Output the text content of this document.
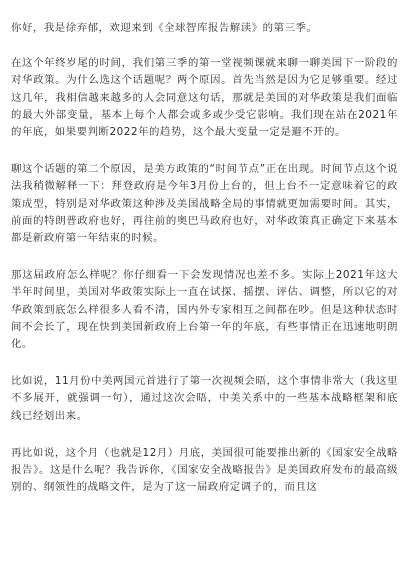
你好，我是徐弃郁，欢迎来到《全球智库报告解读》的第三季。

在这个年终岁尾的时间，我们第三季的第一堂视频课就来聊一聊美国下一阶段的对华政策。为什么选这个话题呢？两个原因。首先当然是因为它足够重要。经过这几年，我相信越来越多的人会同意这句话，那就是美国的对华政策是我们面临的最大外部变量，基本上每个人都会或多或少受它影响。我们现在站在2021年的年底，如果要判断2022年的趋势，这个最大变量一定是避不开的。

聊这个话题的第二个原因，是美方政策的“时间节点”正在出现。时间节点这个说法我稍微解释一下：拜登政府是今年3月份上台的，但上台不一定意味着它的政策成型，特别是对华政策这种涉及美国战略全局的事情就更加需要时间。其实，前面的特朗普政府也好，再往前的奥巴马政府也好，对华政策真正确定下来基本都是新政府第一年结束的时候。

那这届政府怎么样呢？你仔细看一下会发现情况也差不多。实际上2021年这大半年时间里，美国对华政策实际上一直在试探、摇摆、评估、调整，所以它的对华政策到底怎么样很多人看不清，国内外专家相互之间都在吵。但是这种状态时间不会长了，现在快到美国新政府上台第一年的年底，有些事情正在迅速地明朗化。

比如说，11月份中美两国元首进行了第一次视频会晤，这个事情非常大（我这里不多展开，就强调一句），通过这次会晤，中美关系中的一些基本战略框架和底线已经划出来。

再比如说，这个月（也就是12月）月底，美国很可能要推出新的《国家安全战略报告》。这是什么呢？我告诉你，《国家安全战略报告》是美国政府发布的最高级别的、纲领性的战略文件，是为了这一届政府定调子的，而且这
